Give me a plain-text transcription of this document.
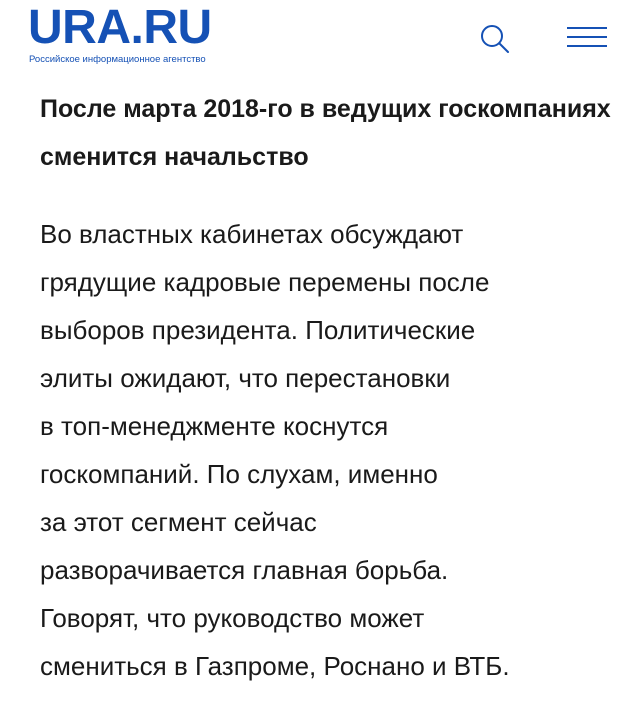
URA.RU
Российское информационное агентство
После марта 2018-го в ведущих госкомпаниях сменится начальство

Во властных кабинетах обсуждают
грядущие кадровые перемены после
выборов президента. Политические
элиты ожидают, что перестановки
в топ-менеджменте коснутся
госкомпаний. По слухам, именно
за этот сегмент сейчас
разворачивается главная борьба.
Говорят, что руководство может
смениться в Газпроме, Роснано и ВТБ.
